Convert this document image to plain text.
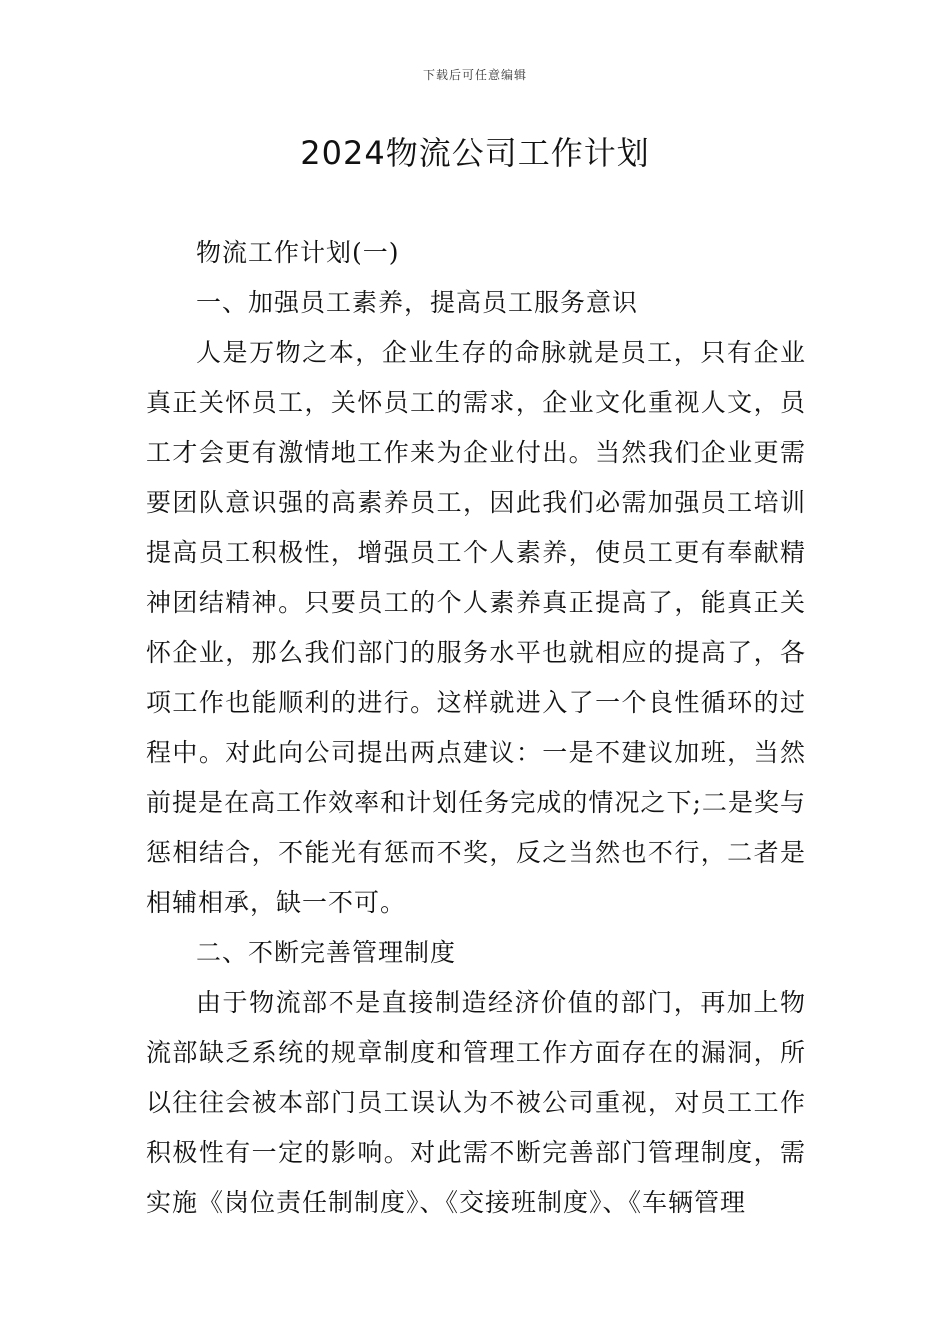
下载后可任意编辑
2024物流公司工作计划

物流工作计划(一)

一、加强员工素养，提高员工服务意识

人是万物之本，企业生存的命脉就是员工，只有企业真正关怀员工，关怀员工的需求，企业文化重视人文，员工才会更有激情地工作来为企业付出。当然我们企业更需要团队意识强的高素养员工，因此我们必需加强员工培训提高员工积极性，增强员工个人素养，使员工更有奉献精神团结精神。只要员工的个人素养真正提高了，能真正关怀企业，那么我们部门的服务水平也就相应的提高了，各项工作也能顺利的进行。这样就进入了一个良性循环的过程中。对此向公司提出两点建议：一是不建议加班，当然前提是在高工作效率和计划任务完成的情况之下;二是奖与惩相结合，不能光有惩而不奖，反之当然也不行，二者是相辅相承，缺一不可。

二、不断完善管理制度

由于物流部不是直接制造经济价值的部门，再加上物流部缺乏系统的规章制度和管理工作方面存在的漏洞，所以往往会被本部门员工误认为不被公司重视，对员工工作积极性有一定的影响。对此需不断完善部门管理制度，需实施《岗位责任制制度》、《交接班制度》、《车辆管理
